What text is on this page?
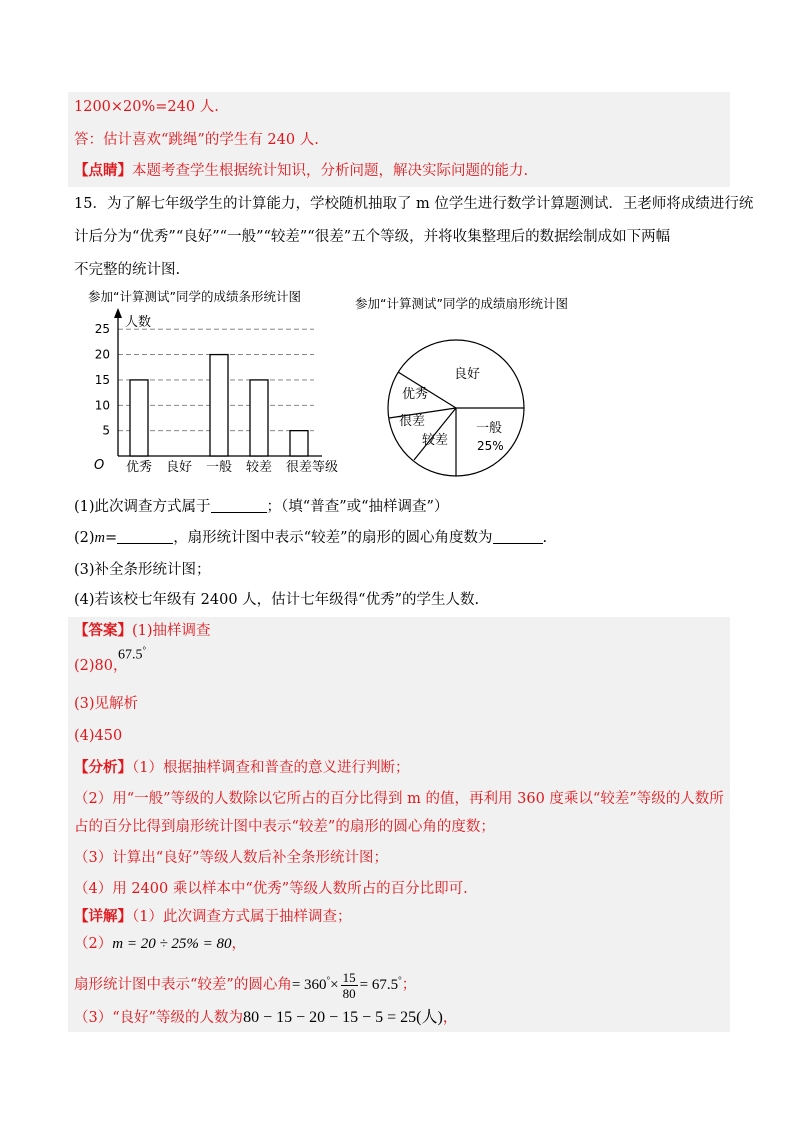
1200×20%=240 人.
答：估计喜欢“跳绳”的学生有 240 人.
【点睛】本题考查学生根据统计知识，分析问题，解决实际问题的能力.
15．为了解七年级学生的计算能力，学校随机抽取了 m 位学生进行数学计算题测试．王老师将成绩进行统
计后分为“优秀”“良好”“一般”“较差”“很差”五个等级，并将收集整理后的数据绘制成如下两幅
不完整的统计图.
参加“计算测试”同学的成绩条形统计图
人数
O	等级
5
10
15
20
25
优秀 良好 一般 较差 很差
参加“计算测试”同学的成绩扇形统计图
良好
优秀
很差
较差
一般
25%
(1)此次调查方式属于	；（填“普查”或“抽样调查”）
(2)m=	，扇形统计图中表示“较差”的扇形的圆心角度数为	.
(3)补全条形统计图；
(4)若该校七年级有 2400 人，估计七年级得“优秀”的学生人数.
【答案】(1)抽样调查
(2)80，
67.5°
(3)见解析
(4)450
【分析】（1）根据抽样调查和普查的意义进行判断；
（2）用“一般”等级的人数除以它所占的百分比得到 m 的值，再利用 360 度乘以“较差”等级的人数所
占的百分比得到扇形统计图中表示“较差”的扇形的圆心角的度数；
（3）计算出“良好”等级人数后补全条形统计图；
（4）用 2400 乘以样本中“优秀”等级人数所占的百分比即可.
【详解】（1）此次调查方式属于抽样调查；
（2）m = 20 ÷ 25% = 80，
扇形统计图中表示“较差”的圆心角= $360^\circ\times \frac{15}{80} = 67.5^\circ$；
（3）“良好”等级的人数为80 − 15 − 20 − 15 − 5 = 25(人)，
